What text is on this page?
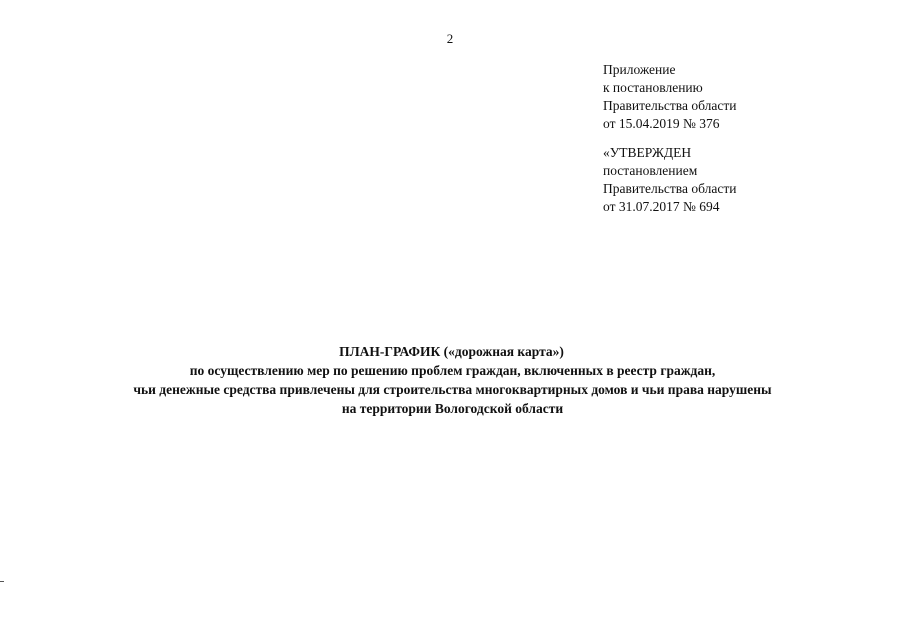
2
Приложение
к постановлению
Правительства области
от 15.04.2019 № 376
«УТВЕРЖДЕН
постановлением
Правительства области
от 31.07.2017 № 694
ПЛАН-ГРАФИК («дорожная карта»)
по осуществлению мер по решению проблем граждан, включенных в реестр граждан,
чьи денежные средства привлечены для строительства многоквартирных домов и чьи права нарушены
на территории Вологодской области
